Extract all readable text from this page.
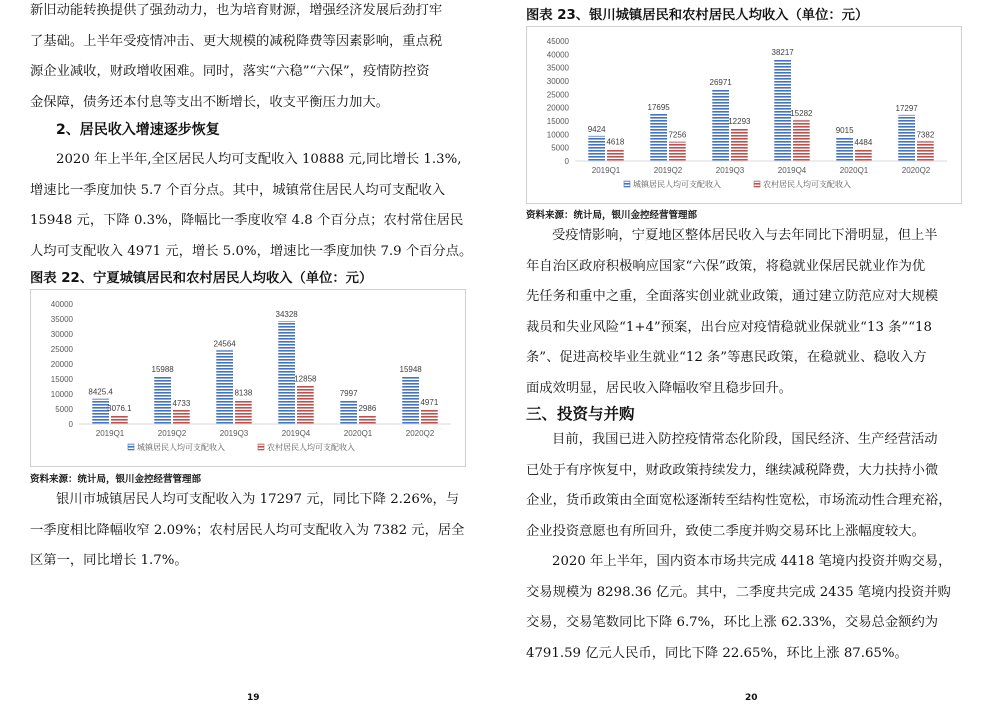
新旧动能转换提供了强劲动力，也为培育财源，增强经济发展后劲打牢
了基础。上半年受疫情冲击、更大规模的减税降费等因素影响，重点税
源企业减收，财政增收困难。同时，落实“六稳”“六保”，疫情防控资
金保障，债务还本付息等支出不断增长，收支平衡压力加大。
2、居民收入增速逐步恢复
2020 年上半年,全区居民人均可支配收入 10888 元,同比增长 1.3%,
增速比一季度加快 5.7 个百分点。其中，城镇常住居民人均可支配收入
15948 元，下降 0.3%，降幅比一季度收窄 4.8 个百分点；农村常住居民
人均可支配收入 4971 元，增长 5.0%，增速比一季度加快 7.9 个百分点。
图表 22、宁夏城镇居民和农村居民人均收入（单位：元）
0
5000
10000
15000
20000
25000
30000
35000
40000
8425.4
3076.1
2019Q1
15988
4733
2019Q2
24564
8138
2019Q3
34328
12858
2019Q4
7997
2986
2020Q1
15948
4971
2020Q2
城镇居民人均可支配收入	农村居民人均可支配收入
资料来源：统计局，银川金控经营管理部
银川市城镇居民人均可支配收入为 17297 元，同比下降 2.26%，与
一季度相比降幅收窄 2.09%；农村居民人均可支配收入为 7382 元，居全
区第一，同比增长 1.7%。
19
图表 23、银川城镇居民和农村居民人均收入（单位：元）
0
5000
10000
15000
20000
25000
30000
35000
40000
45000
9424
4618
2019Q1
17695
7256
2019Q2
26971
12293
2019Q3
38217
15282
2019Q4
9015
4484
2020Q1
17297
7382
2020Q2
城镇居民人均可支配收入	农村居民人均可支配收入
资料来源：统计局，银川金控经营管理部
受疫情影响，宁夏地区整体居民收入与去年同比下滑明显，但上半
年自治区政府积极响应国家“六保”政策，将稳就业保居民就业作为优
先任务和重中之重，全面落实创业就业政策，通过建立防范应对大规模
裁员和失业风险“1+4”预案，出台应对疫情稳就业保就业“13 条”“18
条”、促进高校毕业生就业“12 条”等惠民政策，在稳就业、稳收入方
面成效明显，居民收入降幅收窄且稳步回升。
三、投资与并购
目前，我国已进入防控疫情常态化阶段，国民经济、生产经营活动
已处于有序恢复中，财政政策持续发力，继续减税降费，大力扶持小微
企业，货币政策由全面宽松逐渐转至结构性宽松，市场流动性合理充裕，
企业投资意愿也有所回升，致使二季度并购交易环比上涨幅度较大。
2020 年上半年，国内资本市场共完成 4418 笔境内投资并购交易，
交易规模为 8298.36 亿元。其中，二季度共完成 2435 笔境内投资并购
交易，交易笔数同比下降 6.7%，环比上涨 62.33%，交易总金额约为
4791.59 亿元人民币，同比下降 22.65%，环比上涨 87.65%。
20
